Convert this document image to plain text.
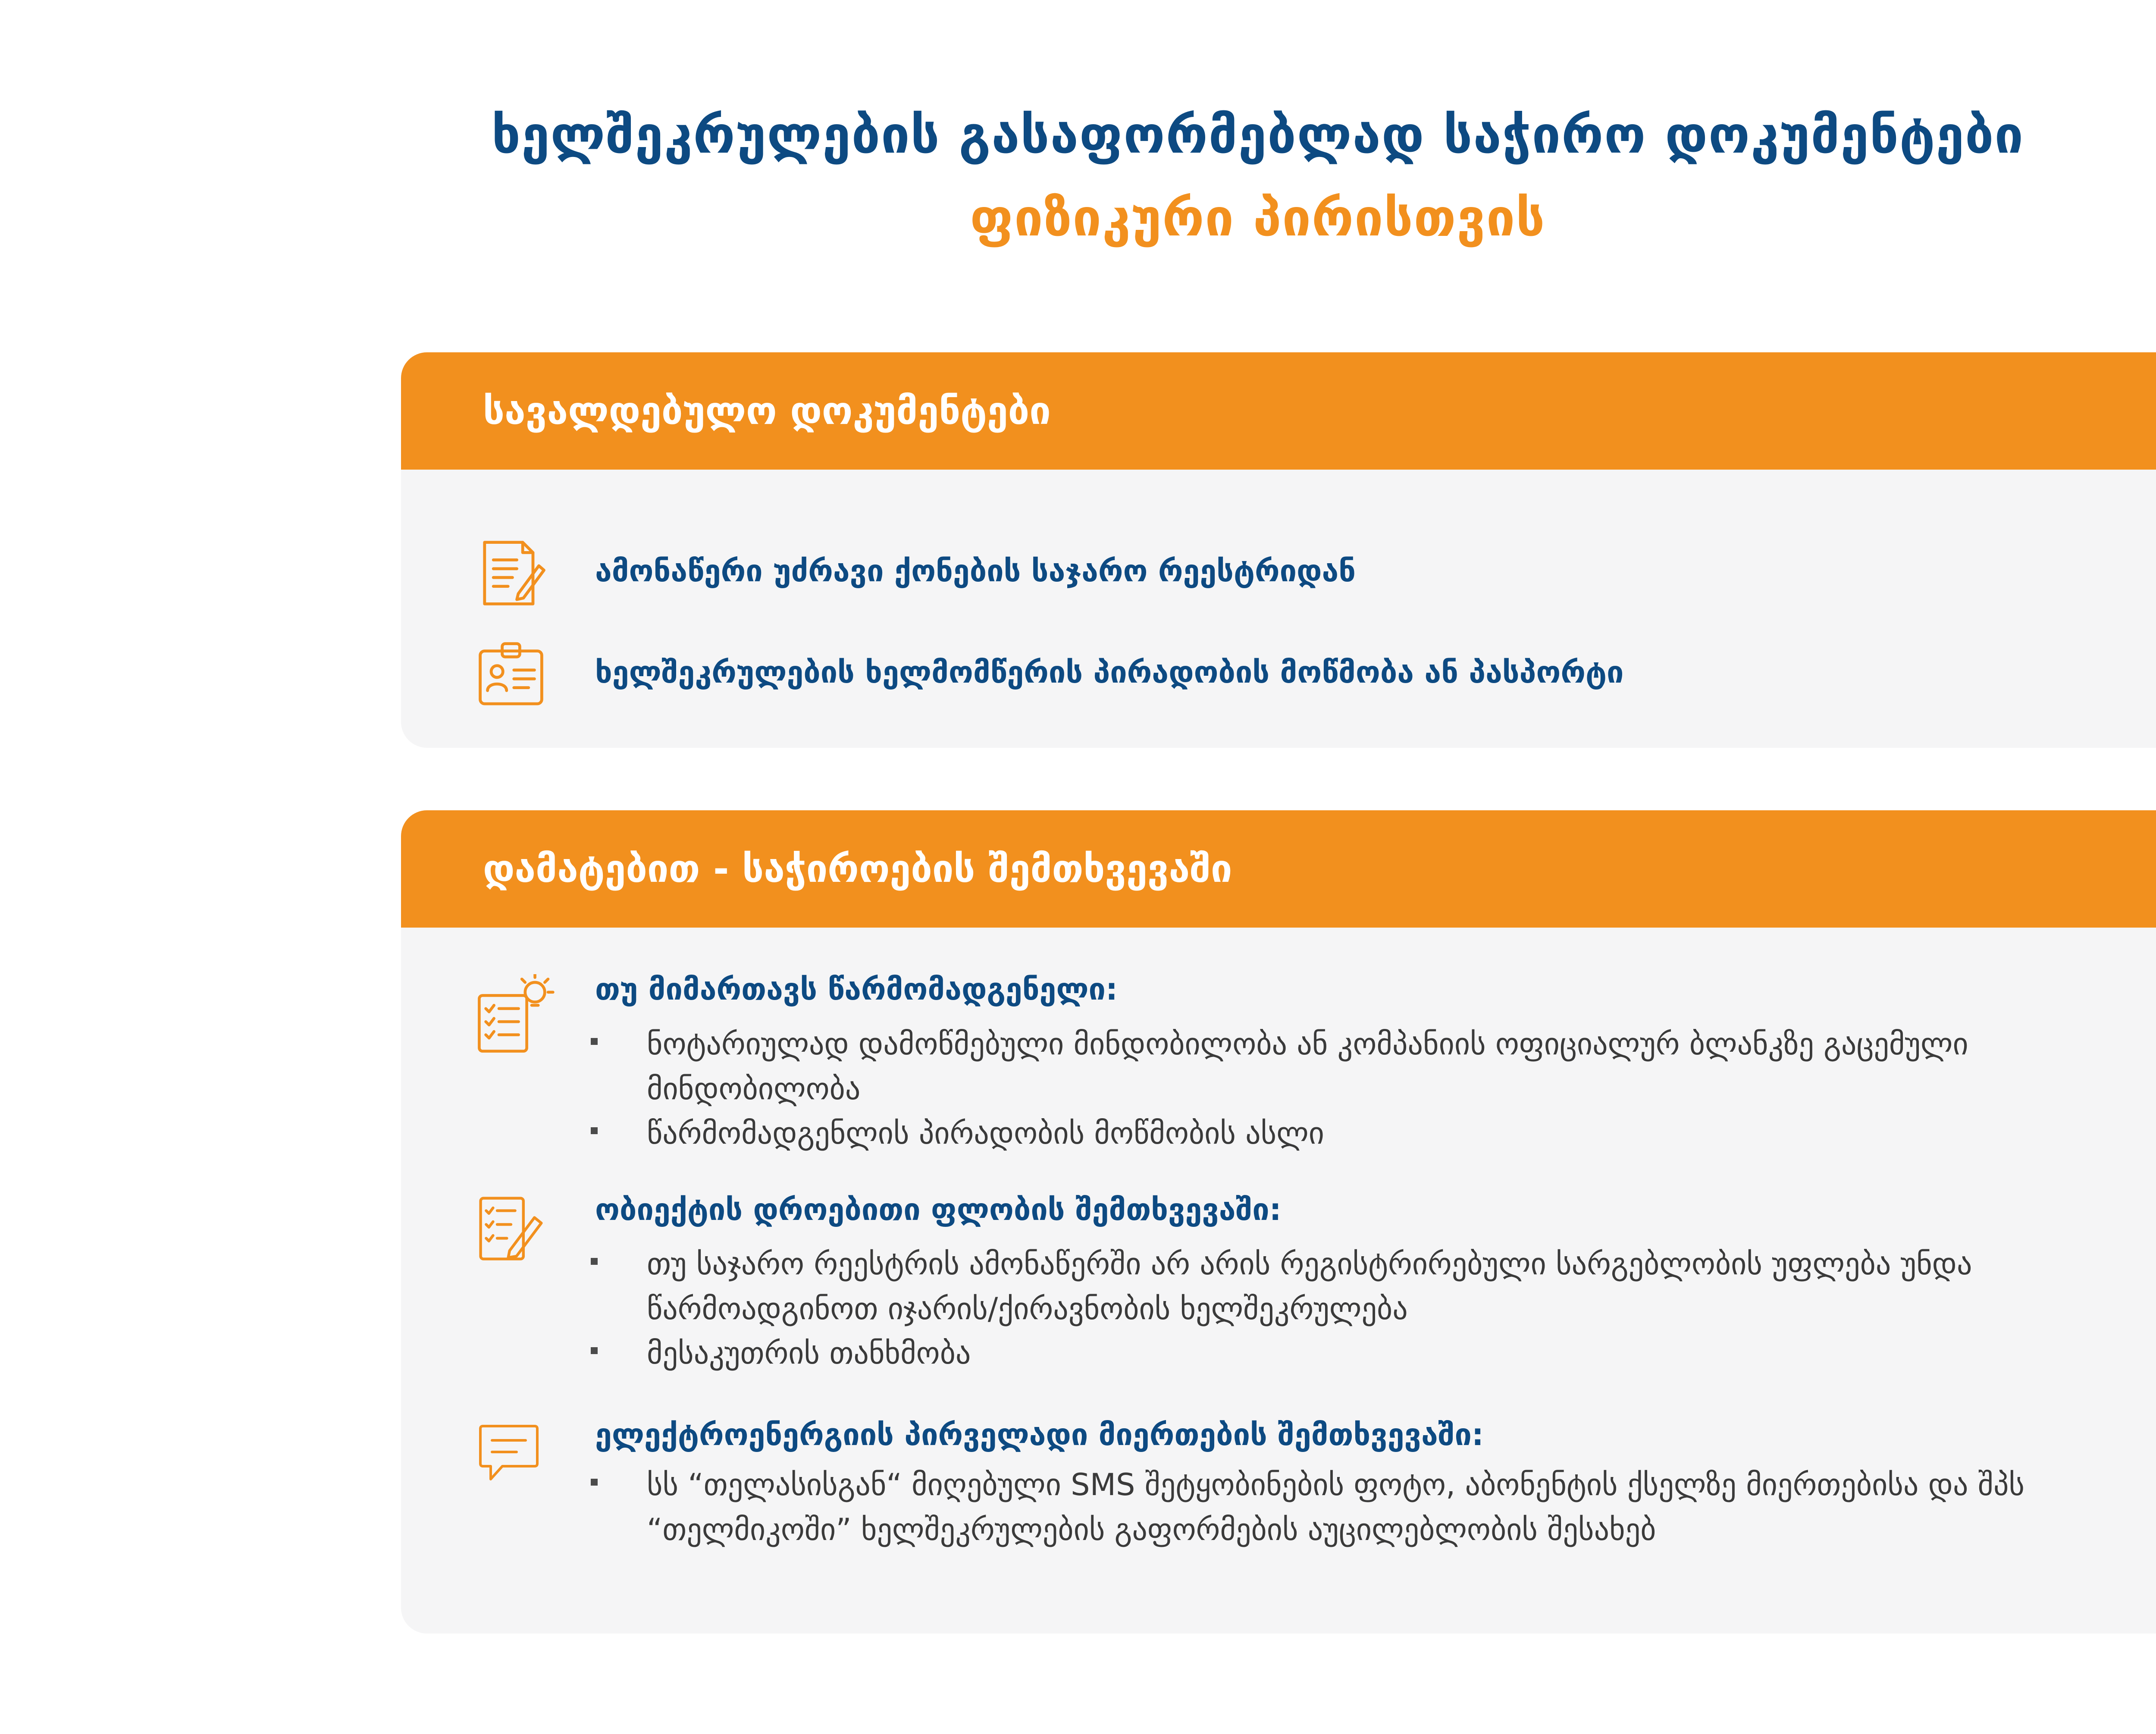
ხელშეკრულების გასაფორმებლად საჭირო დოკუმენტები
ფიზიკური პირისთვის
სავალდებულო დოკუმენტები
ამონაწერი უძრავი ქონების საჯარო რეესტრიდან
ხელშეკრულების ხელმომწერის პირადობის მოწმობა ან პასპორტი
დამატებით - საჭიროების შემთხვევაში
თუ მიმართავს წარმომადგენელი:
ნოტარიულად დამოწმებული მინდობილობა ან კომპანიის ოფიციალურ ბლანკზე გაცემული მინდობილობა
წარმომადგენლის პირადობის მოწმობის ასლი
ობიექტის დროებითი ფლობის შემთხვევაში:
თუ საჯარო რეესტრის ამონაწერში არ არის რეგისტრირებული სარგებლობის უფლება უნდა წარმოადგინოთ იჯარის/ქირავნობის ხელშეკრულება
მესაკუთრის თანხმობა
ელექტროენერგიის პირველადი მიერთების შემთხვევაში:
სს “თელასისგან“ მიღებული SMS შეტყობინების ფოტო, აბონენტის ქსელზე მიერთებისა და შპს “თელმიკოში” ხელშეკრულების გაფორმების აუცილებლობის შესახებ
